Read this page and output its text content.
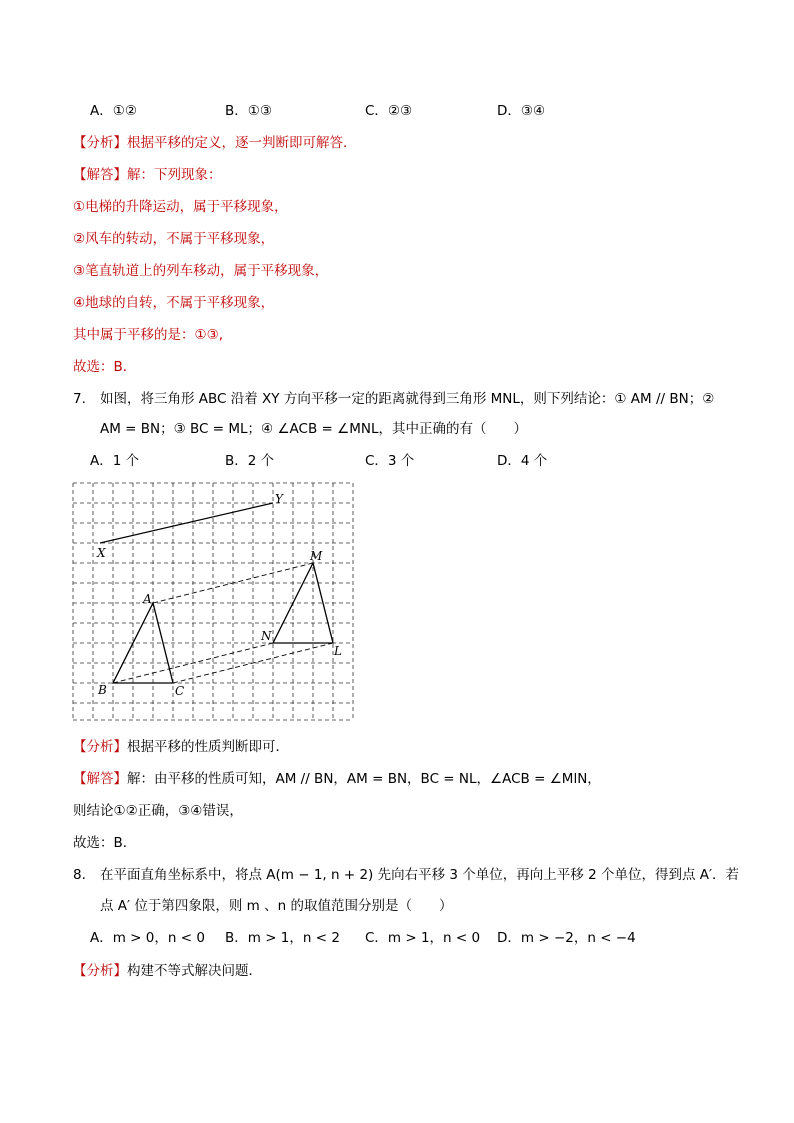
A．①②	B．①③	C．②③	D．③④
【分析】根据平移的定义，逐一判断即可解答．
【解答】解：下列现象：
①电梯的升降运动，属于平移现象，
②风车的转动，不属于平移现象，
③笔直轨道上的列车移动，属于平移现象，
④地球的自转，不属于平移现象，
其中属于平移的是：①③,
故选：B．
7. 如图，将三角形 ABC 沿着 XY 方向平移一定的距离就得到三角形 MNL，则下列结论：① AM // BN；②
AM = BN；③ BC = ML；④ ∠ACB = ∠MNL，其中正确的有（　　）
A．1 个	B．2 个	C．3 个	D．4 个
X
Y
A
B	C
M
N
L
【分析】根据平移的性质判断即可．
【解答】解：由平移的性质可知，AM // BN，AM = BN，BC = NL，∠ACB = ∠MlN，
则结论①②正确，③④错误，
故选：B．
8. 在平面直角坐标系中，将点 A(m − 1, n + 2) 先向右平移 3 个单位，再向上平移 2 个单位，得到点 A′．若
点 A′ 位于第四象限，则 m 、n 的取值范围分别是（　　）
A．m > 0，n < 0 B．m > 1，n < 2 C．m > 1，n < 0 D．m > −2，n < −4
【分析】构建不等式解决问题．
